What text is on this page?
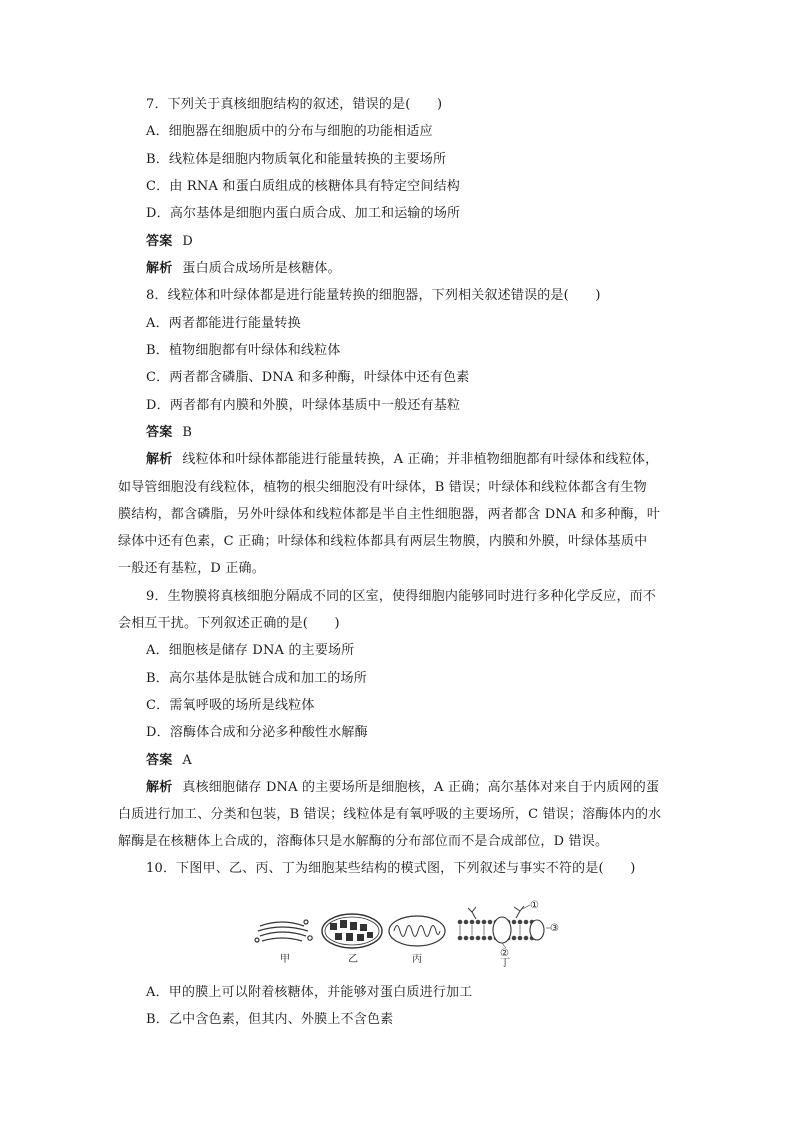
7．下列关于真核细胞结构的叙述，错误的是(　　)
A．细胞器在细胞质中的分布与细胞的功能相适应
B．线粒体是细胞内物质氧化和能量转换的主要场所
C．由 RNA 和蛋白质组成的核糖体具有特定空间结构
D．高尔基体是细胞内蛋白质合成、加工和运输的场所
答案 D
解析 蛋白质合成场所是核糖体。
8．线粒体和叶绿体都是进行能量转换的细胞器，下列相关叙述错误的是(　　)
A．两者都能进行能量转换
B．植物细胞都有叶绿体和线粒体
C．两者都含磷脂、DNA 和多种酶，叶绿体中还有色素
D．两者都有内膜和外膜，叶绿体基质中一般还有基粒
答案 B
解析 线粒体和叶绿体都能进行能量转换，A 正确；并非植物细胞都有叶绿体和线粒体，
如导管细胞没有线粒体，植物的根尖细胞没有叶绿体，B 错误；叶绿体和线粒体都含有生物
膜结构，都含磷脂，另外叶绿体和线粒体都是半自主性细胞器，两者都含 DNA 和多种酶，叶
绿体中还有色素，C 正确；叶绿体和线粒体都具有两层生物膜，内膜和外膜，叶绿体基质中
一般还有基粒，D 正确。
9．生物膜将真核细胞分隔成不同的区室，使得细胞内能够同时进行多种化学反应，而不
会相互干扰。下列叙述正确的是(　　)
A．细胞核是储存 DNA 的主要场所
B．高尔基体是肽链合成和加工的场所
C．需氧呼吸的场所是线粒体
D．溶酶体合成和分泌多种酸性水解酶
答案 A
解析 真核细胞储存 DNA 的主要场所是细胞核，A 正确；高尔基体对来自于内质网的蛋
白质进行加工、分类和包装，B 错误；线粒体是有氧呼吸的主要场所，C 错误；溶酶体内的水
解酶是在核糖体上合成的，溶酶体只是水解酶的分布部位而不是合成部位，D 错误。
10．下图甲、乙、丙、丁为细胞某些结构的模式图，下列叙述与事实不符的是(　　)
①
②
③
甲	乙	丙	丁
A．甲的膜上可以附着核糖体，并能够对蛋白质进行加工
B．乙中含色素，但其内、外膜上不含色素
